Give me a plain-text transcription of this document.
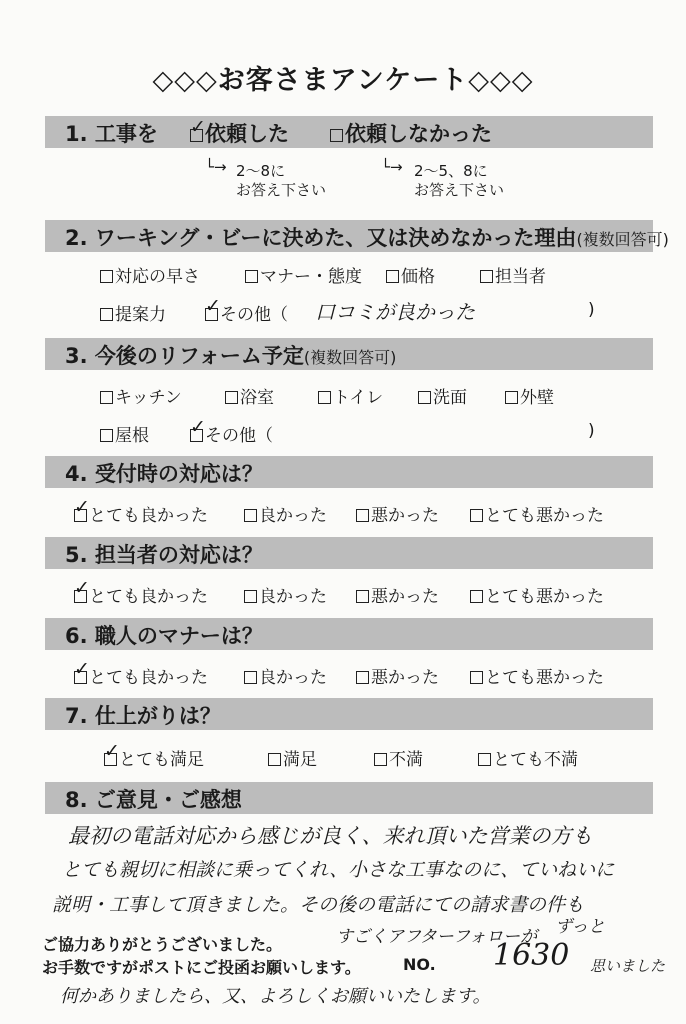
◇◇◇お客さまアンケート◇◇◇
1. 工事を ✓ 依頼した	依頼しなかった
└→ 2〜8に
お答え下さい
└→ 2〜5、8に
お答え下さい
2. ワーキング・ビーに決めた、又は決めなかった理由(複数回答可)
対応の早さ	マナー・態度	価格	担当者
提案力 ✓ その他（ 口コミが良かった	)
3. 今後のリフォーム予定(複数回答可)
キッチン	浴室	トイレ	洗面	外壁
屋根 ✓ その他（	)
4. 受付時の対応は？
✓ とても良かった	良かった	悪かった	とても悪かった
5. 担当者の対応は？
✓ とても良かった	良かった	悪かった	とても悪かった
6. 職人のマナーは？
✓ とても良かった	良かった	悪かった	とても悪かった
7. 仕上がりは？
✓ とても満足	満足	不満	とても不満
8. ご意見・ご感想
最初の電話対応から感じが良く、来れ頂いた営業の方も
とても親切に相談に乗ってくれ、小さな工事なのに、ていねいに
説明・工事して頂きました。その後の電話にての請求書の件も
ご協力ありがとうございました。	すごくアフターフォローが ずっと
お手数ですがポストにご投函お願いします。	NO. 1630 思いました
何かありましたら、又、よろしくお願いいたします。
